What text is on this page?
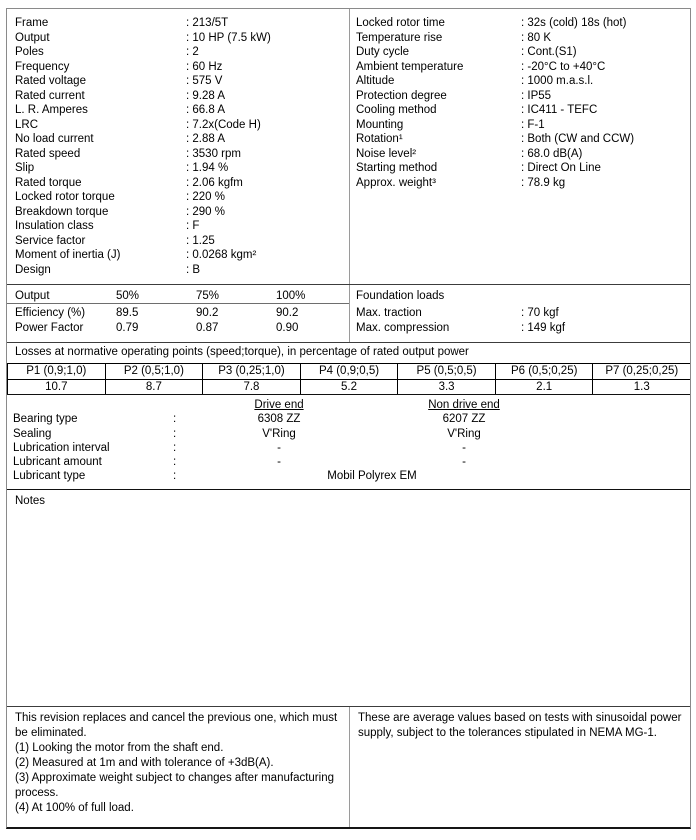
Frame	: 213/5T
Output	: 10 HP (7.5 kW)
Poles	: 2
Frequency	: 60 Hz
Rated voltage	: 575 V
Rated current	: 9.28 A
L. R. Amperes	: 66.8 A
LRC	: 7.2x(Code H)
No load current	: 2.88 A
Rated speed	: 3530 rpm
Slip	: 1.94 %
Rated torque	: 2.06 kgfm
Locked rotor torque	: 220 %
Breakdown torque	: 290 %
Insulation class	: F
Service factor	: 1.25
Moment of inertia (J)	: 0.0268 kgm²
Design	: B
Locked rotor time	: 32s (cold) 18s (hot)
Temperature rise	: 80 K
Duty cycle	: Cont.(S1)
Ambient temperature	: -20°C to +40°C
Altitude	: 1000 m.a.s.l.
Protection degree	: IP55
Cooling method	: IC411 - TEFC
Mounting	: F-1
Rotation¹	: Both (CW and CCW)
Noise level²	: 68.0 dB(A)
Starting method	: Direct On Line
Approx. weight³	: 78.9 kg
Output	50%	75%	100%
Efficiency (%)	89.5	90.2	90.2
Power Factor	0.79	0.87	0.90
Foundation loads
Max. traction	: 70 kgf
Max. compression	: 149 kgf
Losses at normative operating points (speed;torque), in percentage of rated output power
P1 (0,9;1,0)	P2 (0,5;1,0)	P3 (0,25;1,0)	P4 (0,9;0,5)	P5 (0,5;0,5)	P6 (0,5;0,25)	P7 (0,25;0,25)
10.7	8.7	7.8	5.2	3.3	2.1	1.3
Drive end	Non drive end
Bearing type	:	6308 ZZ	6207 ZZ
Sealing	:	V'Ring	V'Ring
Lubrication interval	:	-	-
Lubricant amount	:	-	-
Lubricant type	:	Mobil Polyrex EM
Notes
This revision replaces and cancel the previous one, which must be eliminated.
(1) Looking the motor from the shaft end.
(2) Measured at 1m and with tolerance of +3dB(A).
(3) Approximate weight subject to changes after manufacturing process.
(4) At 100% of full load.
These are average values based on tests with sinusoidal power supply, subject to the tolerances stipulated in NEMA MG-1.
